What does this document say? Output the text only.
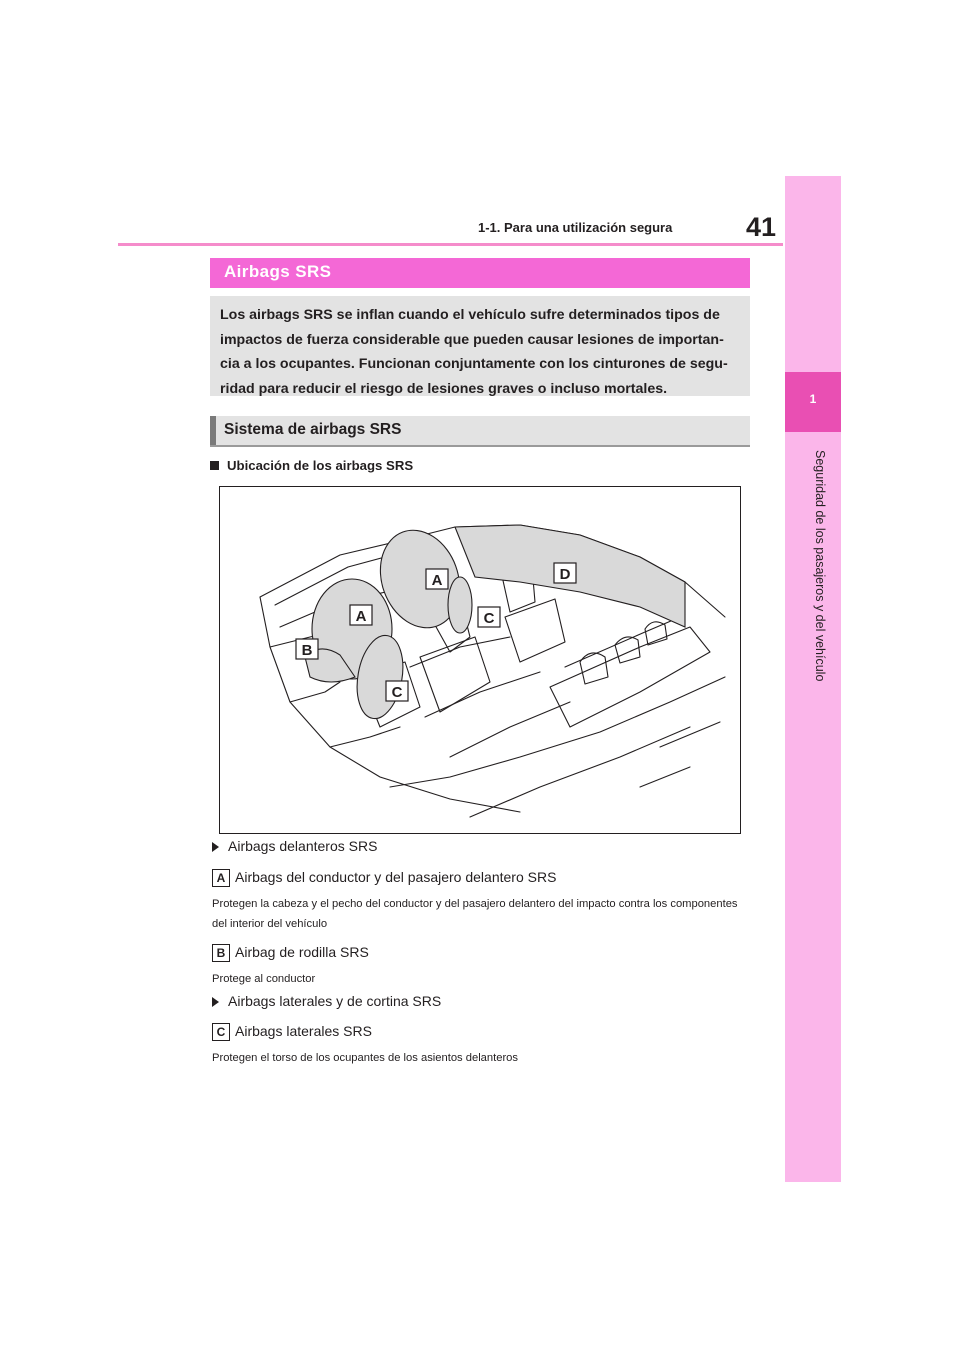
1-1. Para una utilización segura	41
1
Seguridad de los pasajeros y del vehículo
Airbags SRS

Los airbags SRS se inflan cuando el vehículo sufre determinados tipos de impactos de fuerza considerable que pueden causar lesiones de importan-cia a los ocupantes. Funcionan conjuntamente con los cinturones de segu-ridad para reducir el riesgo de lesiones graves o incluso mortales.

Sistema de airbags SRS
Ubicación de los airbags SRS
A
A
B
C
C
D
Airbags delanteros SRS
A Airbags del conductor y del pasajero delantero SRS
Protegen la cabeza y el pecho del conductor y del pasajero delantero del impacto contra los componentes del interior del vehículo
B Airbag de rodilla SRS
Protege al conductor
Airbags laterales y de cortina SRS
C Airbags laterales SRS
Protegen el torso de los ocupantes de los asientos delanteros
